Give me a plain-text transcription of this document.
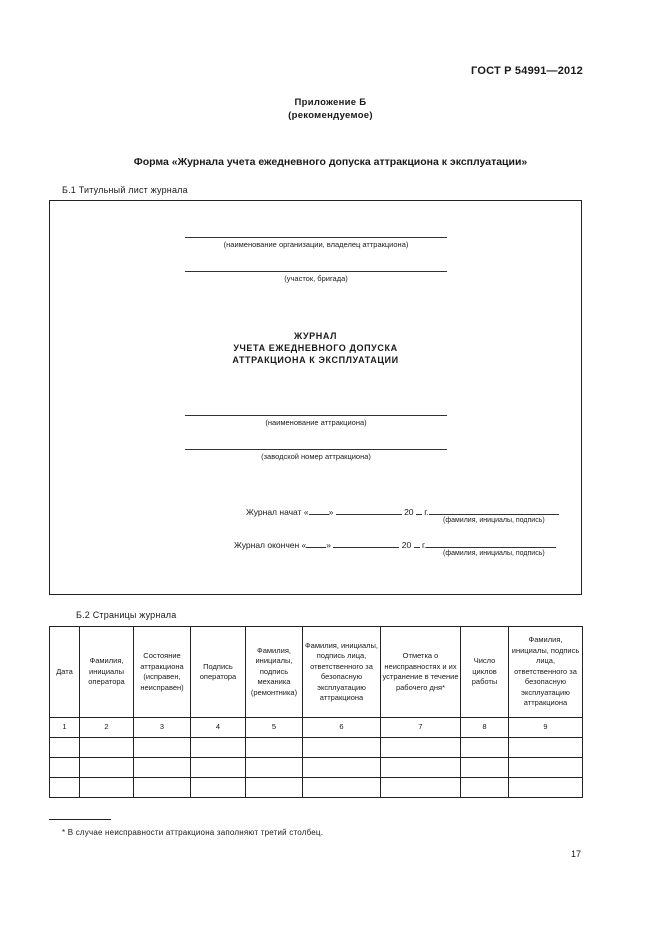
ГОСТ Р 54991—2012
Приложение Б
(рекомендуемое)
Форма «Журнала учета ежедневного допуска аттракциона к эксплуатации»
Б.1 Титульный лист журнала
(наименование организации, владелец аттракциона)
(участок, бригада)
ЖУРНАЛ
УЧЕТА ЕЖЕДНЕВНОГО ДОПУСКА
АТТРАКЦИОНА К ЭКСПЛУАТАЦИИ
(наименование аттракциона)
(заводской номер аттракциона)
Журнал начат « »	20 г.
(фамилия, инициалы, подпись)
Журнал окончен « »	20 г.
(фамилия, инициалы, подпись)
Б.2 Страницы журнала
Дата	Фамилия, инициалы оператора	Состояние аттракциона (исправен, неисправен)	Подпись оператора	Фамилия, инициалы, подпись механика (ремонтника)	Фамилия, инициалы, подпись лица, ответственного за безопасную эксплуатацию аттракциона	Отметка о неисправностях и их устранение в течение рабочего дня*	Число циклов работы	Фамилия, инициалы, подпись лица, ответственного за безопасную эксплуатацию аттракциона
1	2	3	4	5	6	7	8	9

* В случае неисправности аттракциона заполняют третий столбец.
17
